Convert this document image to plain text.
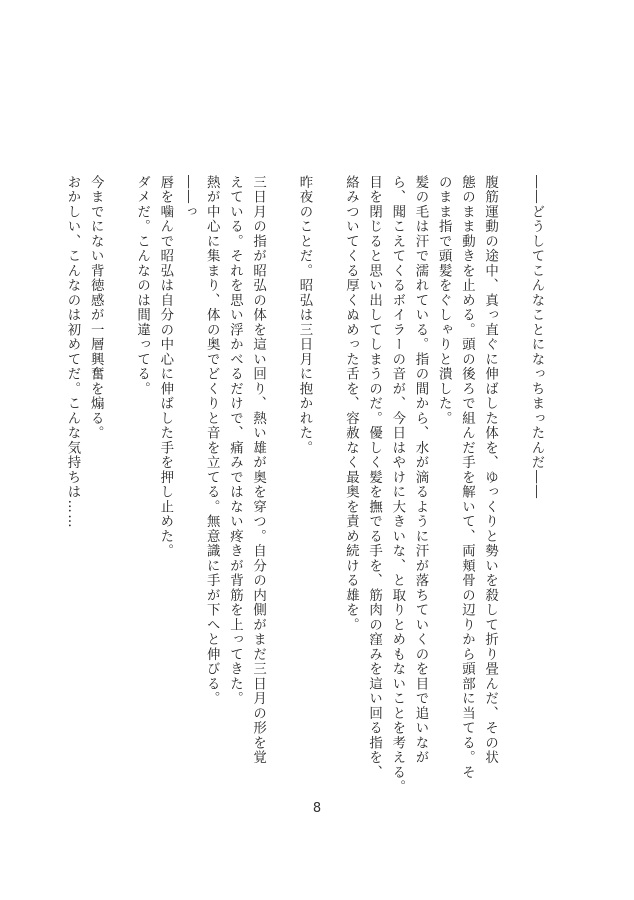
――どうしてこんなことになっちまったんだ――
腹筋運動の途中、真っ直ぐに伸ばした体を、ゆっくりと勢いを殺して折り畳んだ、その状
態のまま動きを止める。頭の後ろで組んだ手を解いて、両頬骨の辺りから頭部に当てる。そ
のまま指で頭髪をぐしゃりと潰した。
髪の毛は汗で濡れている。指の間から、水が滴るように汗が落ちていくのを目で追いなが
ら、聞こえてくるボイラーの音が、今日はやけに大きいな、と取りとめもないことを考える。
目を閉じると思い出してしまうのだ。優しく髪を撫でる手を、筋肉の窪みを這い回る指を、
絡みついてくる厚くぬめった舌を、容赦なく最奥を責め続ける雄を。
昨夜のことだ。昭弘は三日月に抱かれた。
三日月の指が昭弘の体を這い回り、熱い雄が奥を穿つ。自分の内側がまだ三日月の形を覚
えている。それを思い浮かべるだけで、痛みではない疼きが背筋を上ってきた。
熱が中心に集まり、体の奥でどくりと音を立てる。無意識に手が下へと伸びる。
――っ
唇を噛んで昭弘は自分の中心に伸ばした手を押し止めた。
ダメだ。こんなのは間違ってる。
今までにない背徳感が一層興奮を煽る。
おかしい、こんなのは初めてだ。こんな気持ちは……
8
